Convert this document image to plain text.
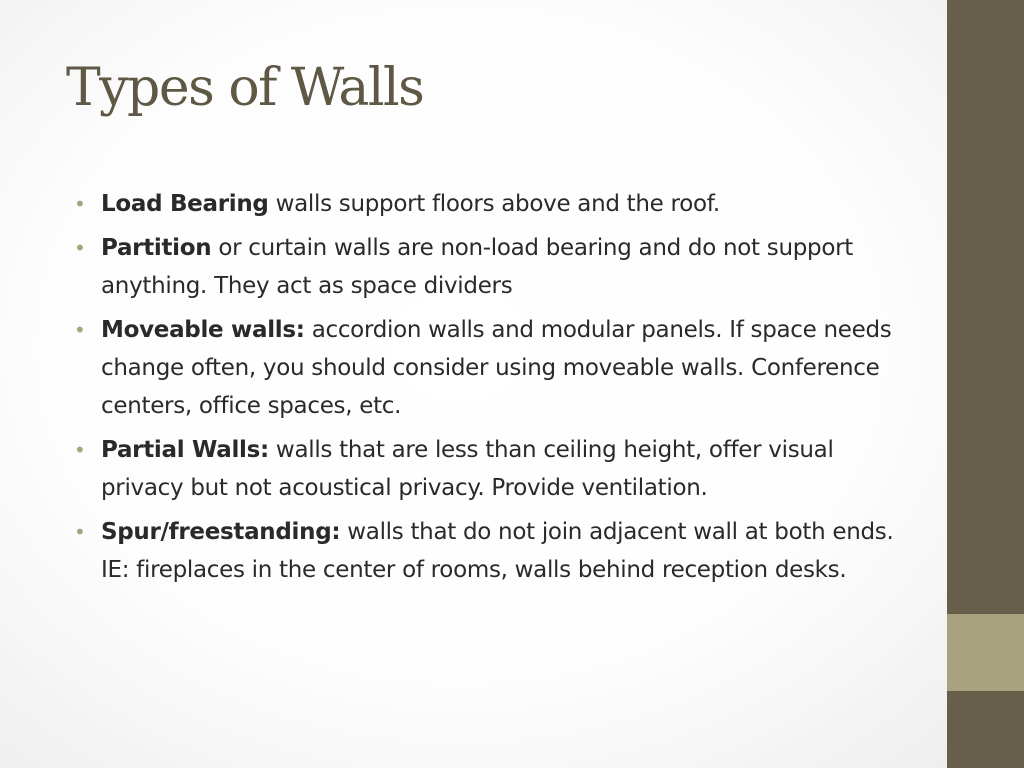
Types of Walls
• Load Bearing walls support floors above and the roof.
• Partition or curtain walls are non-load bearing and do not support anything. They act as space dividers
• Moveable walls: accordion walls and modular panels. If space needs change often, you should consider using moveable walls. Conference centers, office spaces, etc.
• Partial Walls: walls that are less than ceiling height, offer visual privacy but not acoustical privacy. Provide ventilation.
• Spur/freestanding: walls that do not join adjacent wall at both ends. IE: fireplaces in the center of rooms, walls behind reception desks.
